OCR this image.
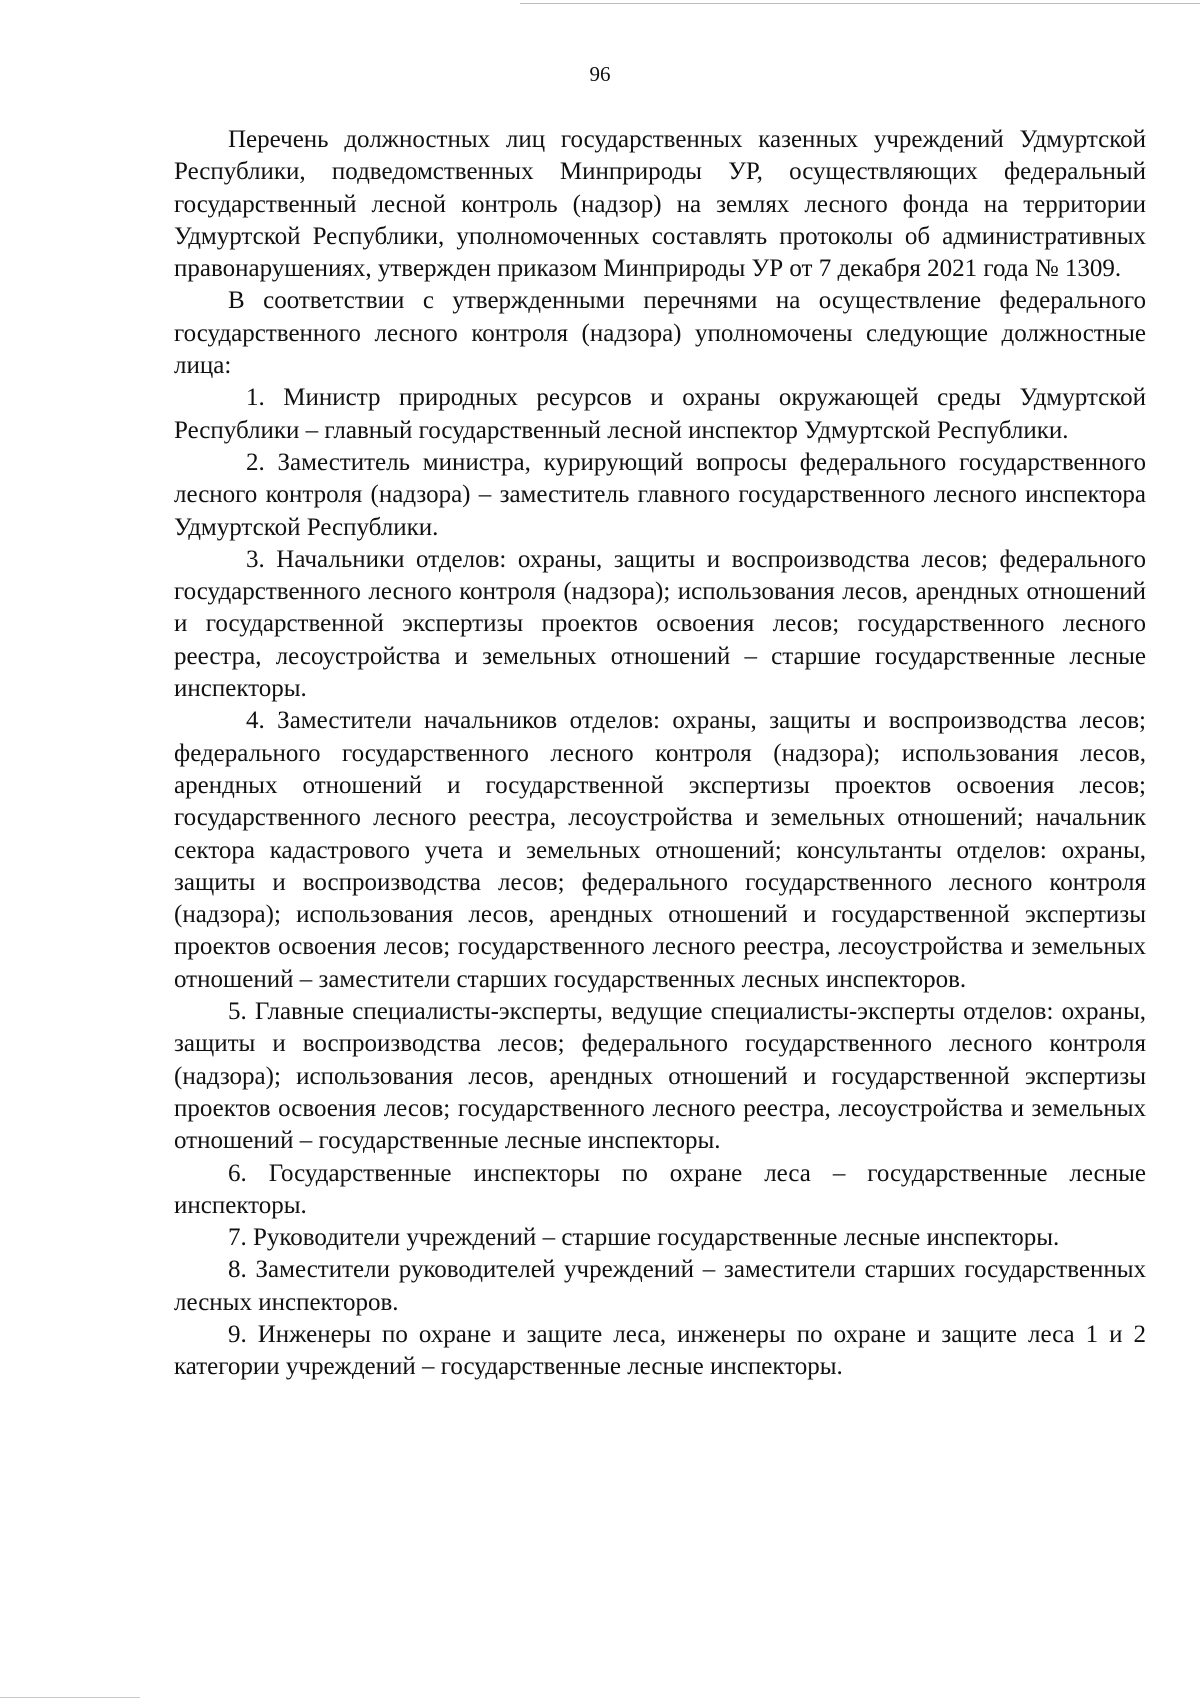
96

Перечень должностных лиц государственных казенных учреждений Удмуртской Республики, подведомственных Минприроды УР, осуществляющих федеральный государственный лесной контроль (надзор) на землях лесного фонда на территории Удмуртской Республики, уполномоченных составлять протоколы об административных правонарушениях, утвержден приказом Минприроды УР от 7 декабря 2021 года № 1309.

В соответствии с утвержденными перечнями на осуществление федерального государственного лесного контроля (надзора) уполномочены следующие должностные лица:

1. Министр природных ресурсов и охраны окружающей среды Удмуртской Республики – главный государственный лесной инспектор Удмуртской Республики.

2. Заместитель министра, курирующий вопросы федерального государственного лесного контроля (надзора) – заместитель главного государственного лесного инспектора Удмуртской Республики.

3. Начальники отделов: охраны, защиты и воспроизводства лесов; федерального государственного лесного контроля (надзора); использования лесов, арендных отношений и государственной экспертизы проектов освоения лесов; государственного лесного реестра, лесоустройства и земельных отношений – старшие государственные лесные инспекторы.

4. Заместители начальников отделов: охраны, защиты и воспроизводства лесов; федерального государственного лесного контроля (надзора); использования лесов, арендных отношений и государственной экспертизы проектов освоения лесов; государственного лесного реестра, лесоустройства и земельных отношений; начальник сектора кадастрового учета и земельных отношений; консультанты отделов: охраны, защиты и воспроизводства лесов; федерального государственного лесного контроля (надзора); использования лесов, арендных отношений и государственной экспертизы проектов освоения лесов; государственного лесного реестра, лесоустройства и земельных отношений – заместители старших государственных лесных инспекторов.

5. Главные специалисты-эксперты, ведущие специалисты-эксперты отделов: охраны, защиты и воспроизводства лесов; федерального государственного лесного контроля (надзора); использования лесов, арендных отношений и государственной экспертизы проектов освоения лесов; государственного лесного реестра, лесоустройства и земельных отношений – государственные лесные инспекторы.

6. Государственные инспекторы по охране леса – государственные лесные инспекторы.

7. Руководители учреждений – старшие государственные лесные инспекторы.

8. Заместители руководителей учреждений – заместители старших государственных лесных инспекторов.

9. Инженеры по охране и защите леса, инженеры по охране и защите леса 1 и 2 категории учреждений – государственные лесные инспекторы.
